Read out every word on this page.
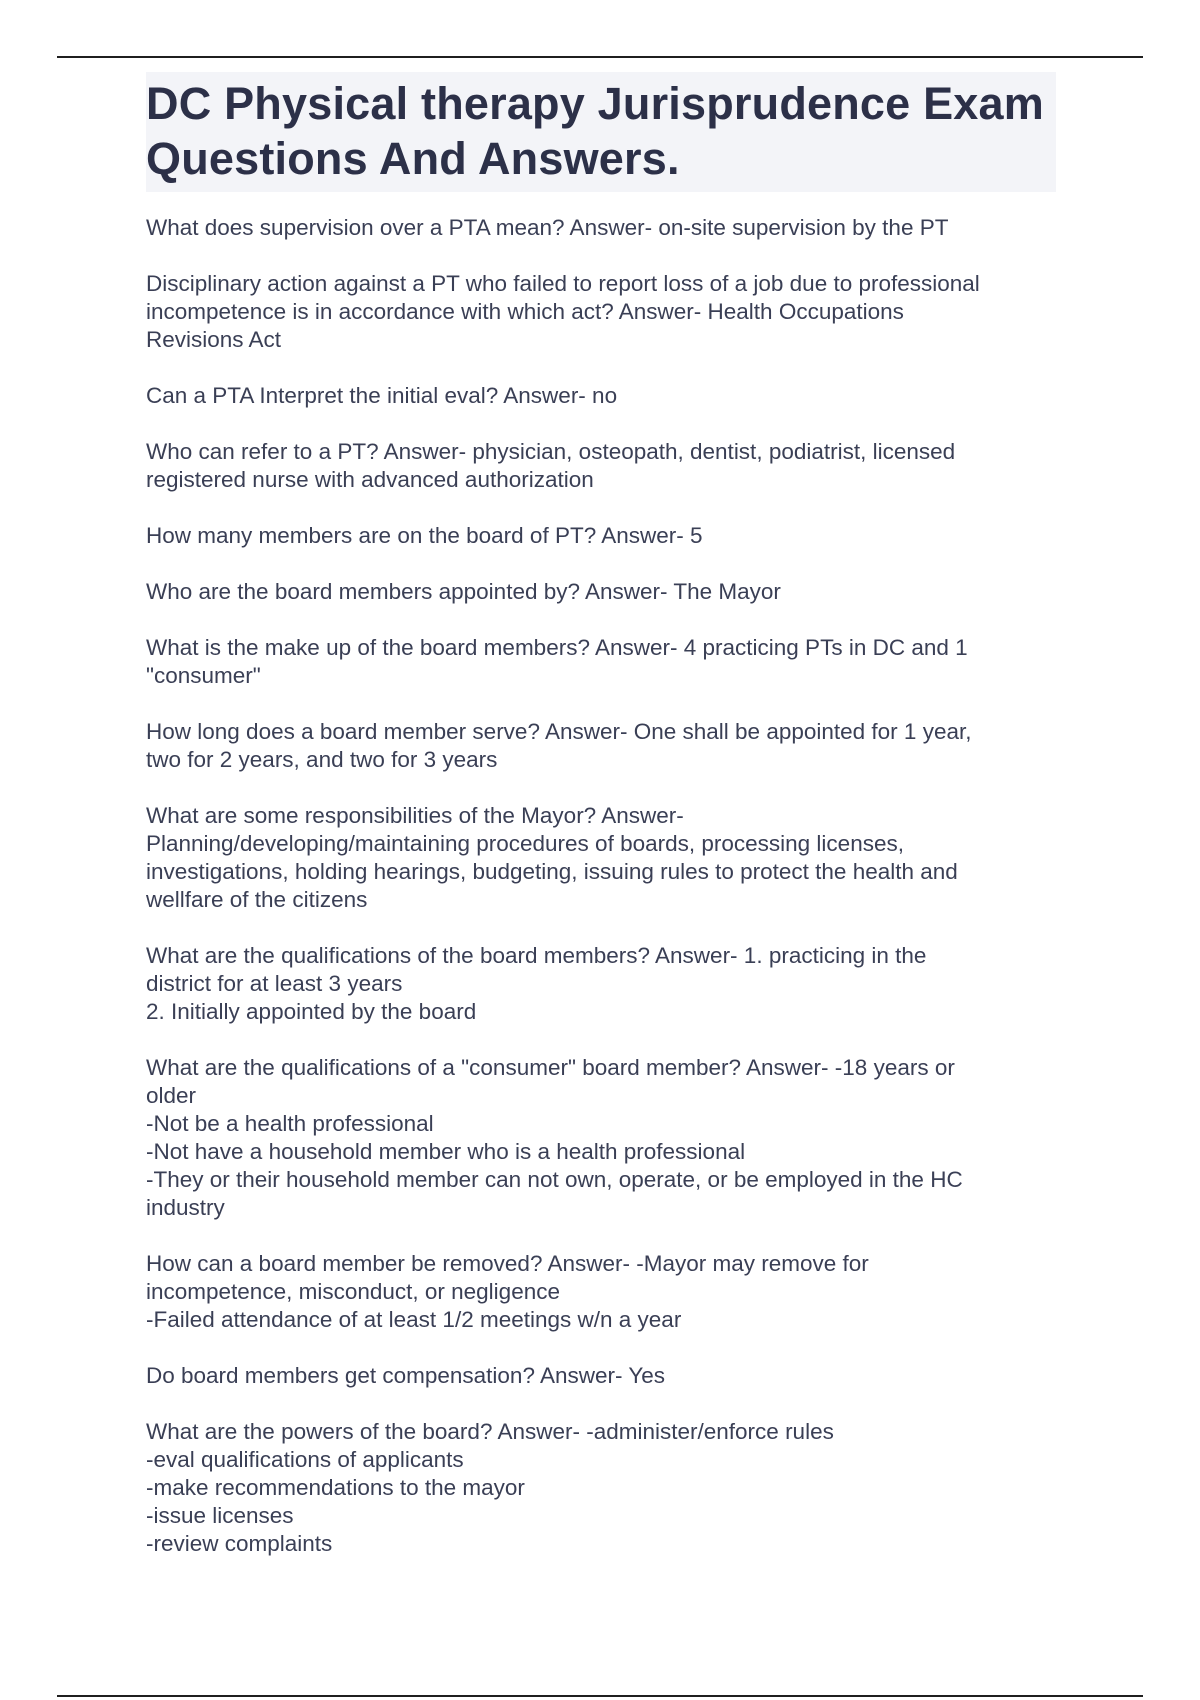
DC Physical therapy Jurisprudence Exam Questions And Answers.

What does supervision over a PTA mean? Answer- on-site supervision by the PT

Disciplinary action against a PT who failed to report loss of a job due to professional
incompetence is in accordance with which act? Answer- Health Occupations
Revisions Act

Can a PTA Interpret the initial eval? Answer- no

Who can refer to a PT? Answer- physician, osteopath, dentist, podiatrist, licensed
registered nurse with advanced authorization

How many members are on the board of PT? Answer- 5

Who are the board members appointed by? Answer- The Mayor

What is the make up of the board members? Answer- 4 practicing PTs in DC and 1
"consumer"

How long does a board member serve? Answer- One shall be appointed for 1 year,
two for 2 years, and two for 3 years

What are some responsibilities of the Mayor? Answer-
Planning/developing/maintaining procedures of boards, processing licenses,
investigations, holding hearings, budgeting, issuing rules to protect the health and
wellfare of the citizens

What are the qualifications of the board members? Answer- 1. practicing in the
district for at least 3 years
2. Initially appointed by the board

What are the qualifications of a "consumer" board member? Answer- -18 years or
older
-Not be a health professional
-Not have a household member who is a health professional
-They or their household member can not own, operate, or be employed in the HC
industry

How can a board member be removed? Answer- -Mayor may remove for
incompetence, misconduct, or negligence
-Failed attendance of at least 1/2 meetings w/n a year

Do board members get compensation? Answer- Yes

What are the powers of the board? Answer- -administer/enforce rules
-eval qualifications of applicants
-make recommendations to the mayor
-issue licenses
-review complaints
